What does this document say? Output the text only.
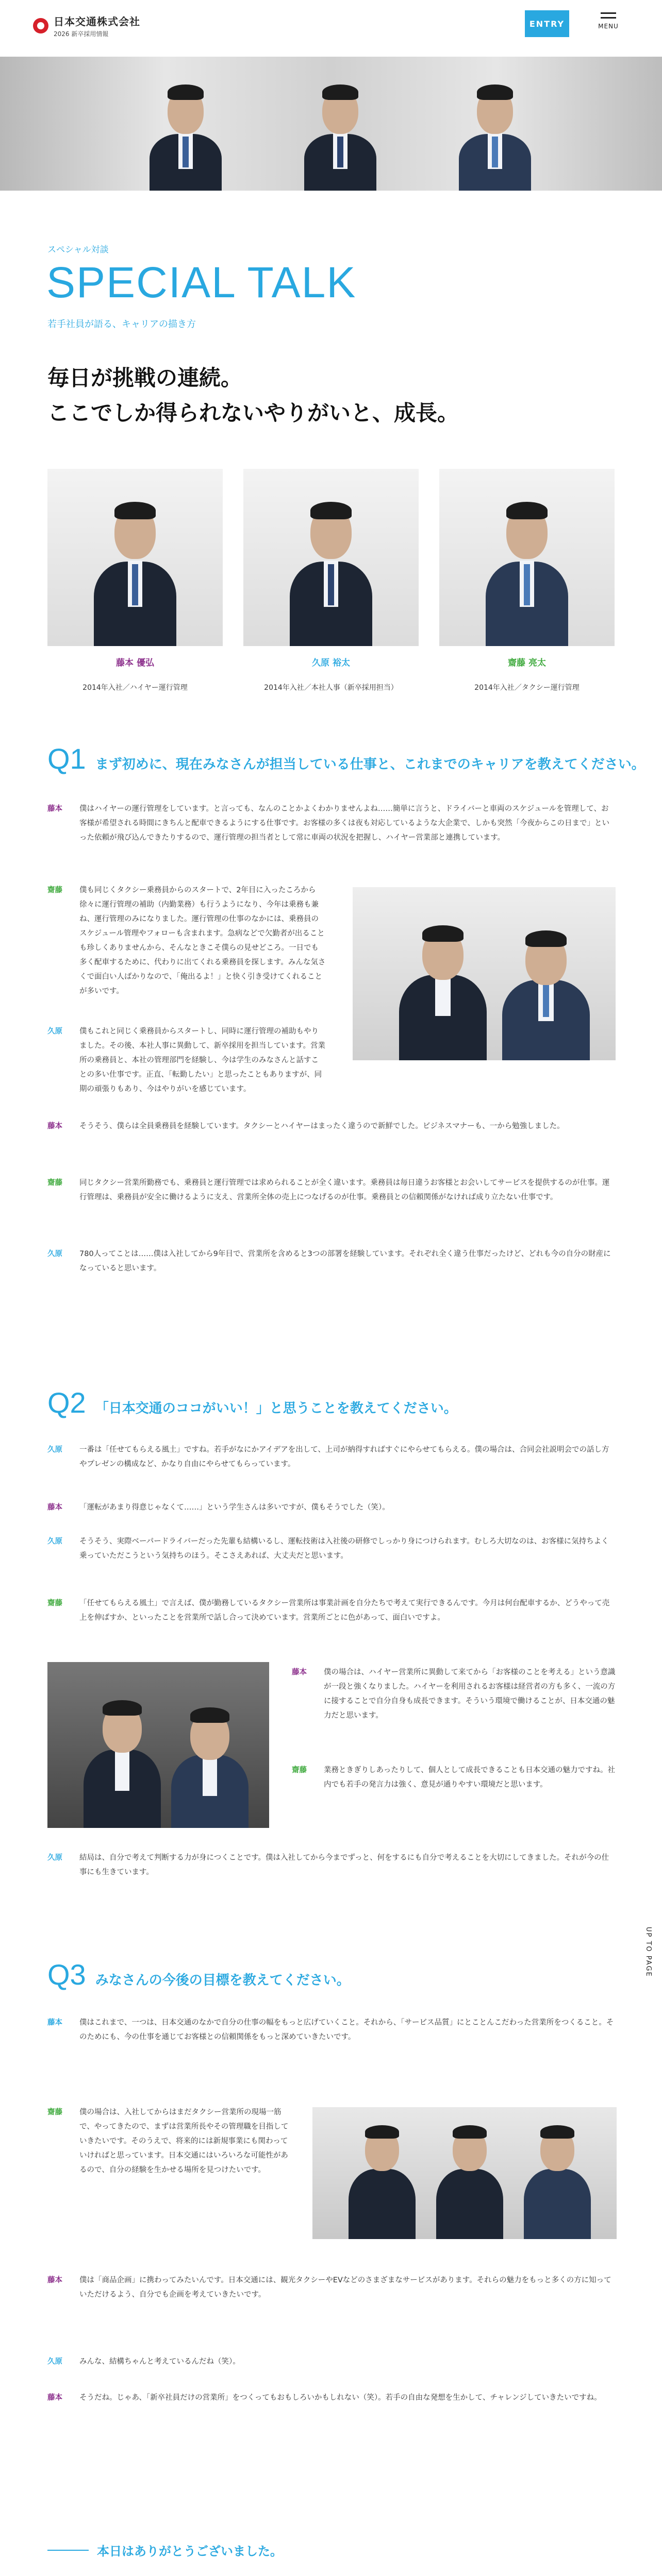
日本交通株式会社
2026 新卒採用情報
ENTRY	MENU
スペシャル対談
SPECIAL TALK
若手社員が語る、キャリアの描き方
毎日が挑戦の連続。
ここでしか得られないやりがいと、成長。
藤本 優弘
2014年入社／ハイヤー運行管理
久原 裕太
2014年入社／本社人事（新卒採用担当）
齋藤 亮太
2014年入社／タクシー運行管理
Q1 まず初めに、現在みなさんが担当している仕事と、これまでのキャリアを教えてください。
藤本	僕はハイヤーの運行管理をしています。と言っても、なんのことかよくわかりませんよね……簡単に言うと、ドライバーと車両のスケジュールを管理して、お客様が希望される時間にきちんと配車できるようにする仕事です。お客様の多くは夜も対応しているような大企業で、しかも突然「今夜からこの日まで」といった依頼が飛び込んできたりするので、運行管理の担当者として常に車両の状況を把握し、ハイヤー営業部と連携しています。
齋藤	僕も同じくタクシー乗務員からのスタートで、2年目に入ったころから徐々に運行管理の補助（内勤業務）も行うようになり、今年は乗務も兼ね、運行管理のみになりました。運行管理の仕事のなかには、乗務員のスケジュール管理やフォローも含まれます。急病などで欠勤者が出ることも珍しくありませんから、そんなときこそ僕らの見せどころ。一日でも多く配車するために、代わりに出てくれる乗務員を探します。みんな気さくで面白い人ばかりなので、「俺出るよ！」と快く引き受けてくれることが多いです。
久原	僕もこれと同じく乗務員からスタートし、同時に運行管理の補助もやりました。その後、本社人事に異動して、新卒採用を担当しています。営業所の乗務員と、本社の管理部門を経験し、今は学生のみなさんと話すことの多い仕事です。正直、「転勤したい」と思ったこともありますが、同期の頑張りもあり、今はやりがいを感じています。
藤本	そうそう、僕らは全員乗務員を経験しています。タクシーとハイヤーはまったく違うので新鮮でした。ビジネスマナーも、一から勉強しました。
齋藤	同じタクシー営業所勤務でも、乗務員と運行管理では求められることが全く違います。乗務員は毎日違うお客様とお会いしてサービスを提供するのが仕事。運行管理は、乗務員が安全に働けるように支え、営業所全体の売上につなげるのが仕事。乗務員との信頼関係がなければ成り立たない仕事です。
久原	780人ってことは……僕は入社してから9年目で、営業所を含めると3つの部署を経験しています。それぞれ全く違う仕事だったけど、どれも今の自分の財産になっていると思います。
Q2 「日本交通のココがいい！」と思うことを教えてください。
久原	一番は「任せてもらえる風土」ですね。若手がなにかアイデアを出して、上司が納得すればすぐにやらせてもらえる。僕の場合は、合同会社説明会での話し方やプレゼンの構成など、かなり自由にやらせてもらっています。
藤本	「運転があまり得意じゃなくて……」という学生さんは多いですが、僕もそうでした（笑）。
久原	そうそう、実際ベーパードライバーだった先輩も結構いるし、運転技術は入社後の研修でしっかり身につけられます。むしろ大切なのは、お客様に気持ちよく乗っていただこうという気持ちのほう。そこさえあれば、大丈夫だと思います。
齋藤	「任せてもらえる風土」で言えば、僕が勤務しているタクシー営業所は事業計画を自分たちで考えて実行できるんです。今月は何台配車するか、どうやって売上を伸ばすか、といったことを営業所で話し合って決めています。営業所ごとに色があって、面白いですよ。
藤本	僕の場合は、ハイヤー営業所に異動して来てから「お客様のことを考える」という意識が一段と強くなりました。ハイヤーを利用されるお客様は経営者の方も多く、一流の方に接することで自分自身も成長できます。そういう環境で働けることが、日本交通の魅力だと思います。
齋藤	業務ときぎりしあったりして、個人として成長できることも日本交通の魅力ですね。社内でも若手の発言力は強く、意見が通りやすい環境だと思います。
久原	結局は、自分で考えて判断する力が身につくことです。僕は入社してから今までずっと、何をするにも自分で考えることを大切にしてきました。それが今の仕事にも生きています。
UP TO PAGE
Q3 みなさんの今後の目標を教えてください。
藤本	僕はこれまで、一つは、日本交通のなかで自分の仕事の幅をもっと広げていくこと。それから、「サービス品質」にとことんこだわった営業所をつくること。そのためにも、今の仕事を通じてお客様との信頼関係をもっと深めていきたいです。
齋藤	僕の場合は、入社してからはまだタクシー営業所の現場一筋で、やってきたので、まずは営業所長やその管理職を目指していきたいです。そのうえで、将来的には新規事業にも関わっていければと思っています。日本交通にはいろいろな可能性があるので、自分の経験を生かせる場所を見つけたいです。
藤本	僕は「商品企画」に携わってみたいんです。日本交通には、観光タクシーやEVなどのさまざまなサービスがあります。それらの魅力をもっと多くの方に知っていただけるよう、自分でも企画を考えていきたいです。
久原	みんな、結構ちゃんと考えているんだね（笑）。
藤本	そうだね。じゃあ、「新卒社員だけの営業所」をつくってもおもしろいかもしれない（笑）。若手の自由な発想を生かして、チャレンジしていきたいですね。
本日はありがとうございました。
